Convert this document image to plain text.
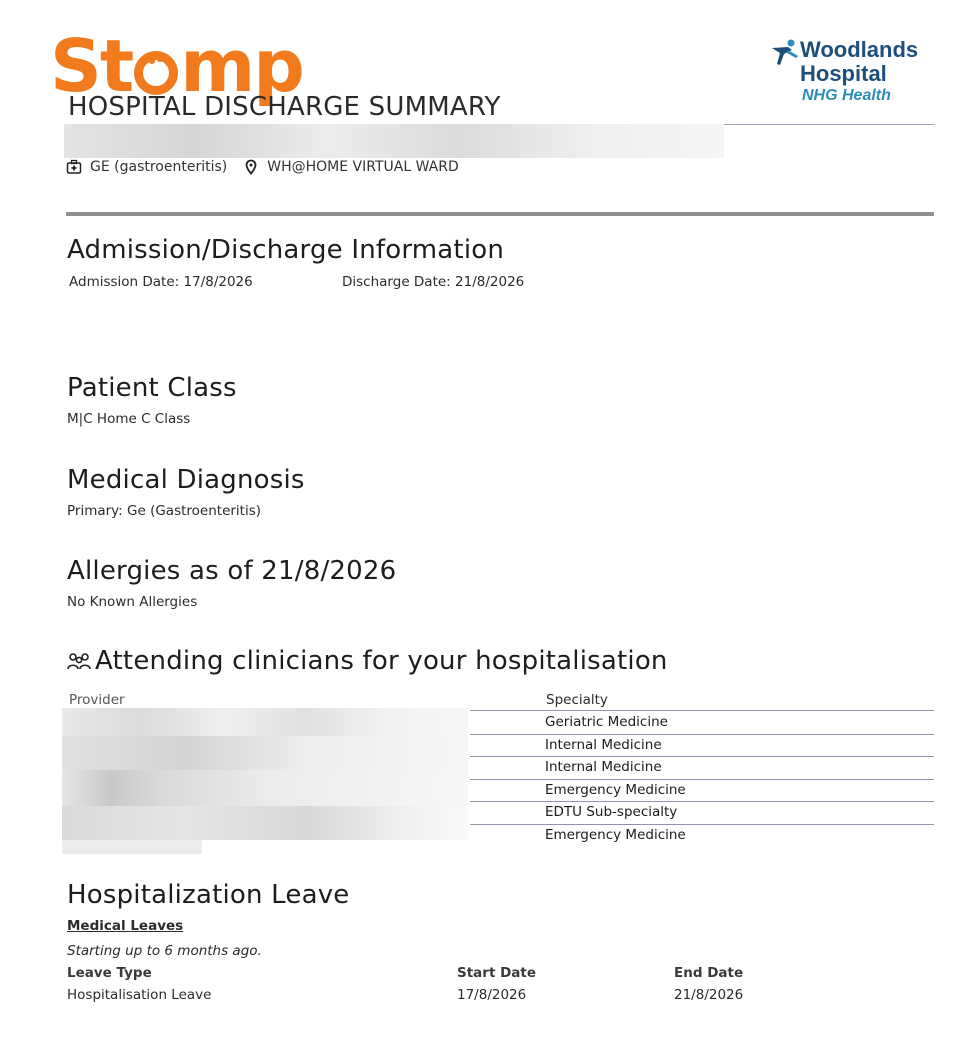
St mp	Woodlands
Hospital
NHG Health
HOSPITAL DISCHARGE SUMMARY
GE (gastroenteritis)	WH@HOME VIRTUAL WARD
Admission/Discharge Information
Admission Date: 17/8/2026	Discharge Date: 21/8/2026
Patient Class
M|C Home C Class
Medical Diagnosis
Primary: Ge (Gastroenteritis)
Allergies as of 21/8/2026
No Known Allergies
Attending clinicians for your hospitalisation
Provider	Specialty
Geriatric Medicine
Internal Medicine
Internal Medicine
Emergency Medicine
EDTU Sub-specialty
Emergency Medicine
Hospitalization Leave
Medical Leaves
Starting up to 6 months ago.
Leave Type	Start Date	End Date
Hospitalisation Leave	17/8/2026	21/8/2026
